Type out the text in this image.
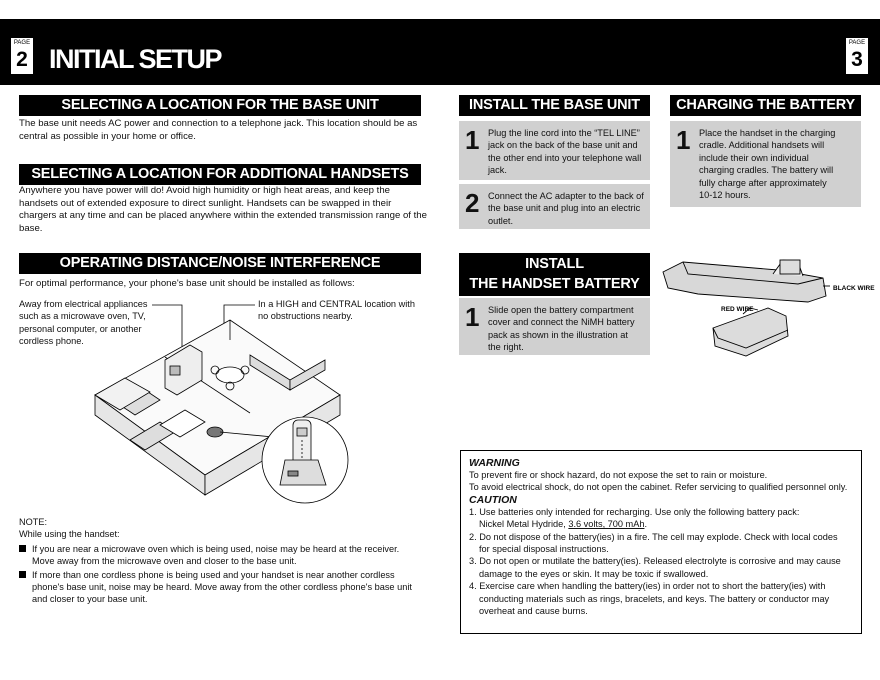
PAGE
2 INITIAL SETUP
PAGE
3
SELECTING A LOCATION FOR THE BASE UNIT
The base unit needs AC power and connection to a telephone jack. This location should be as
central as possible in your home or office.
SELECTING A LOCATION FOR ADDITIONAL HANDSETS
Anywhere you have power will do! Avoid high humidity or high heat areas, and keep the
handsets out of extended exposure to direct sunlight. Handsets can be swapped in their
chargers at any time and can be placed anywhere within the extended transmission range of the
base.
OPERATING DISTANCE/NOISE INTERFERENCE
For optimal performance, your phone's base unit should be installed as follows:
Away from electrical appliances
such as a microwave oven, TV,
personal computer, or another
cordless phone.
In a HIGH and CENTRAL location with
no obstructions nearby.
NOTE:
While using the handset:
If you are near a microwave oven which is being used, noise may be heard at the receiver.
Move away from the microwave oven and closer to the base unit.
If more than one cordless phone is being used and your handset is near another cordless
phone's base unit, noise may be heard. Move away from the other cordless phone's base unit
and closer to your base unit.
INSTALL THE BASE UNIT
1 Plug the line cord into the “TEL LINE”
jack on the back of the base unit and
the other end into your telephone wall
jack.
2 Connect the AC adapter to the back of
the base unit and plug into an electric
outlet.
INSTALL
THE HANDSET BATTERY
1 Slide open the battery compartment
cover and connect the NiMH battery
pack as shown in the illustration at
the right.
CHARGING THE BATTERY
1 Place the handset in the charging
cradle. Additional handsets will
include their own individual
charging cradles. The battery will
fully charge after approximately
10-12 hours.
BLACK WIRE
RED WIRE
WARNING
To prevent fire or shock hazard, do not expose the set to rain or moisture.
To avoid electrical shock, do not open the cabinet. Refer servicing to qualified personnel only.
CAUTION
1. Use batteries only intended for recharging. Use only the following battery pack:
Nickel Metal Hydride, 3.6 volts, 700 mAh.
2. Do not dispose of the battery(ies) in a fire. The cell may explode. Check with local codes
for special disposal instructions.
3. Do not open or mutilate the battery(ies). Released electrolyte is corrosive and may cause
damage to the eyes or skin. It may be toxic if swallowed.
4. Exercise care when handling the battery(ies) in order not to short the battery(ies) with
conducting materials such as rings, bracelets, and keys. The battery or conductor may
overheat and cause burns.
